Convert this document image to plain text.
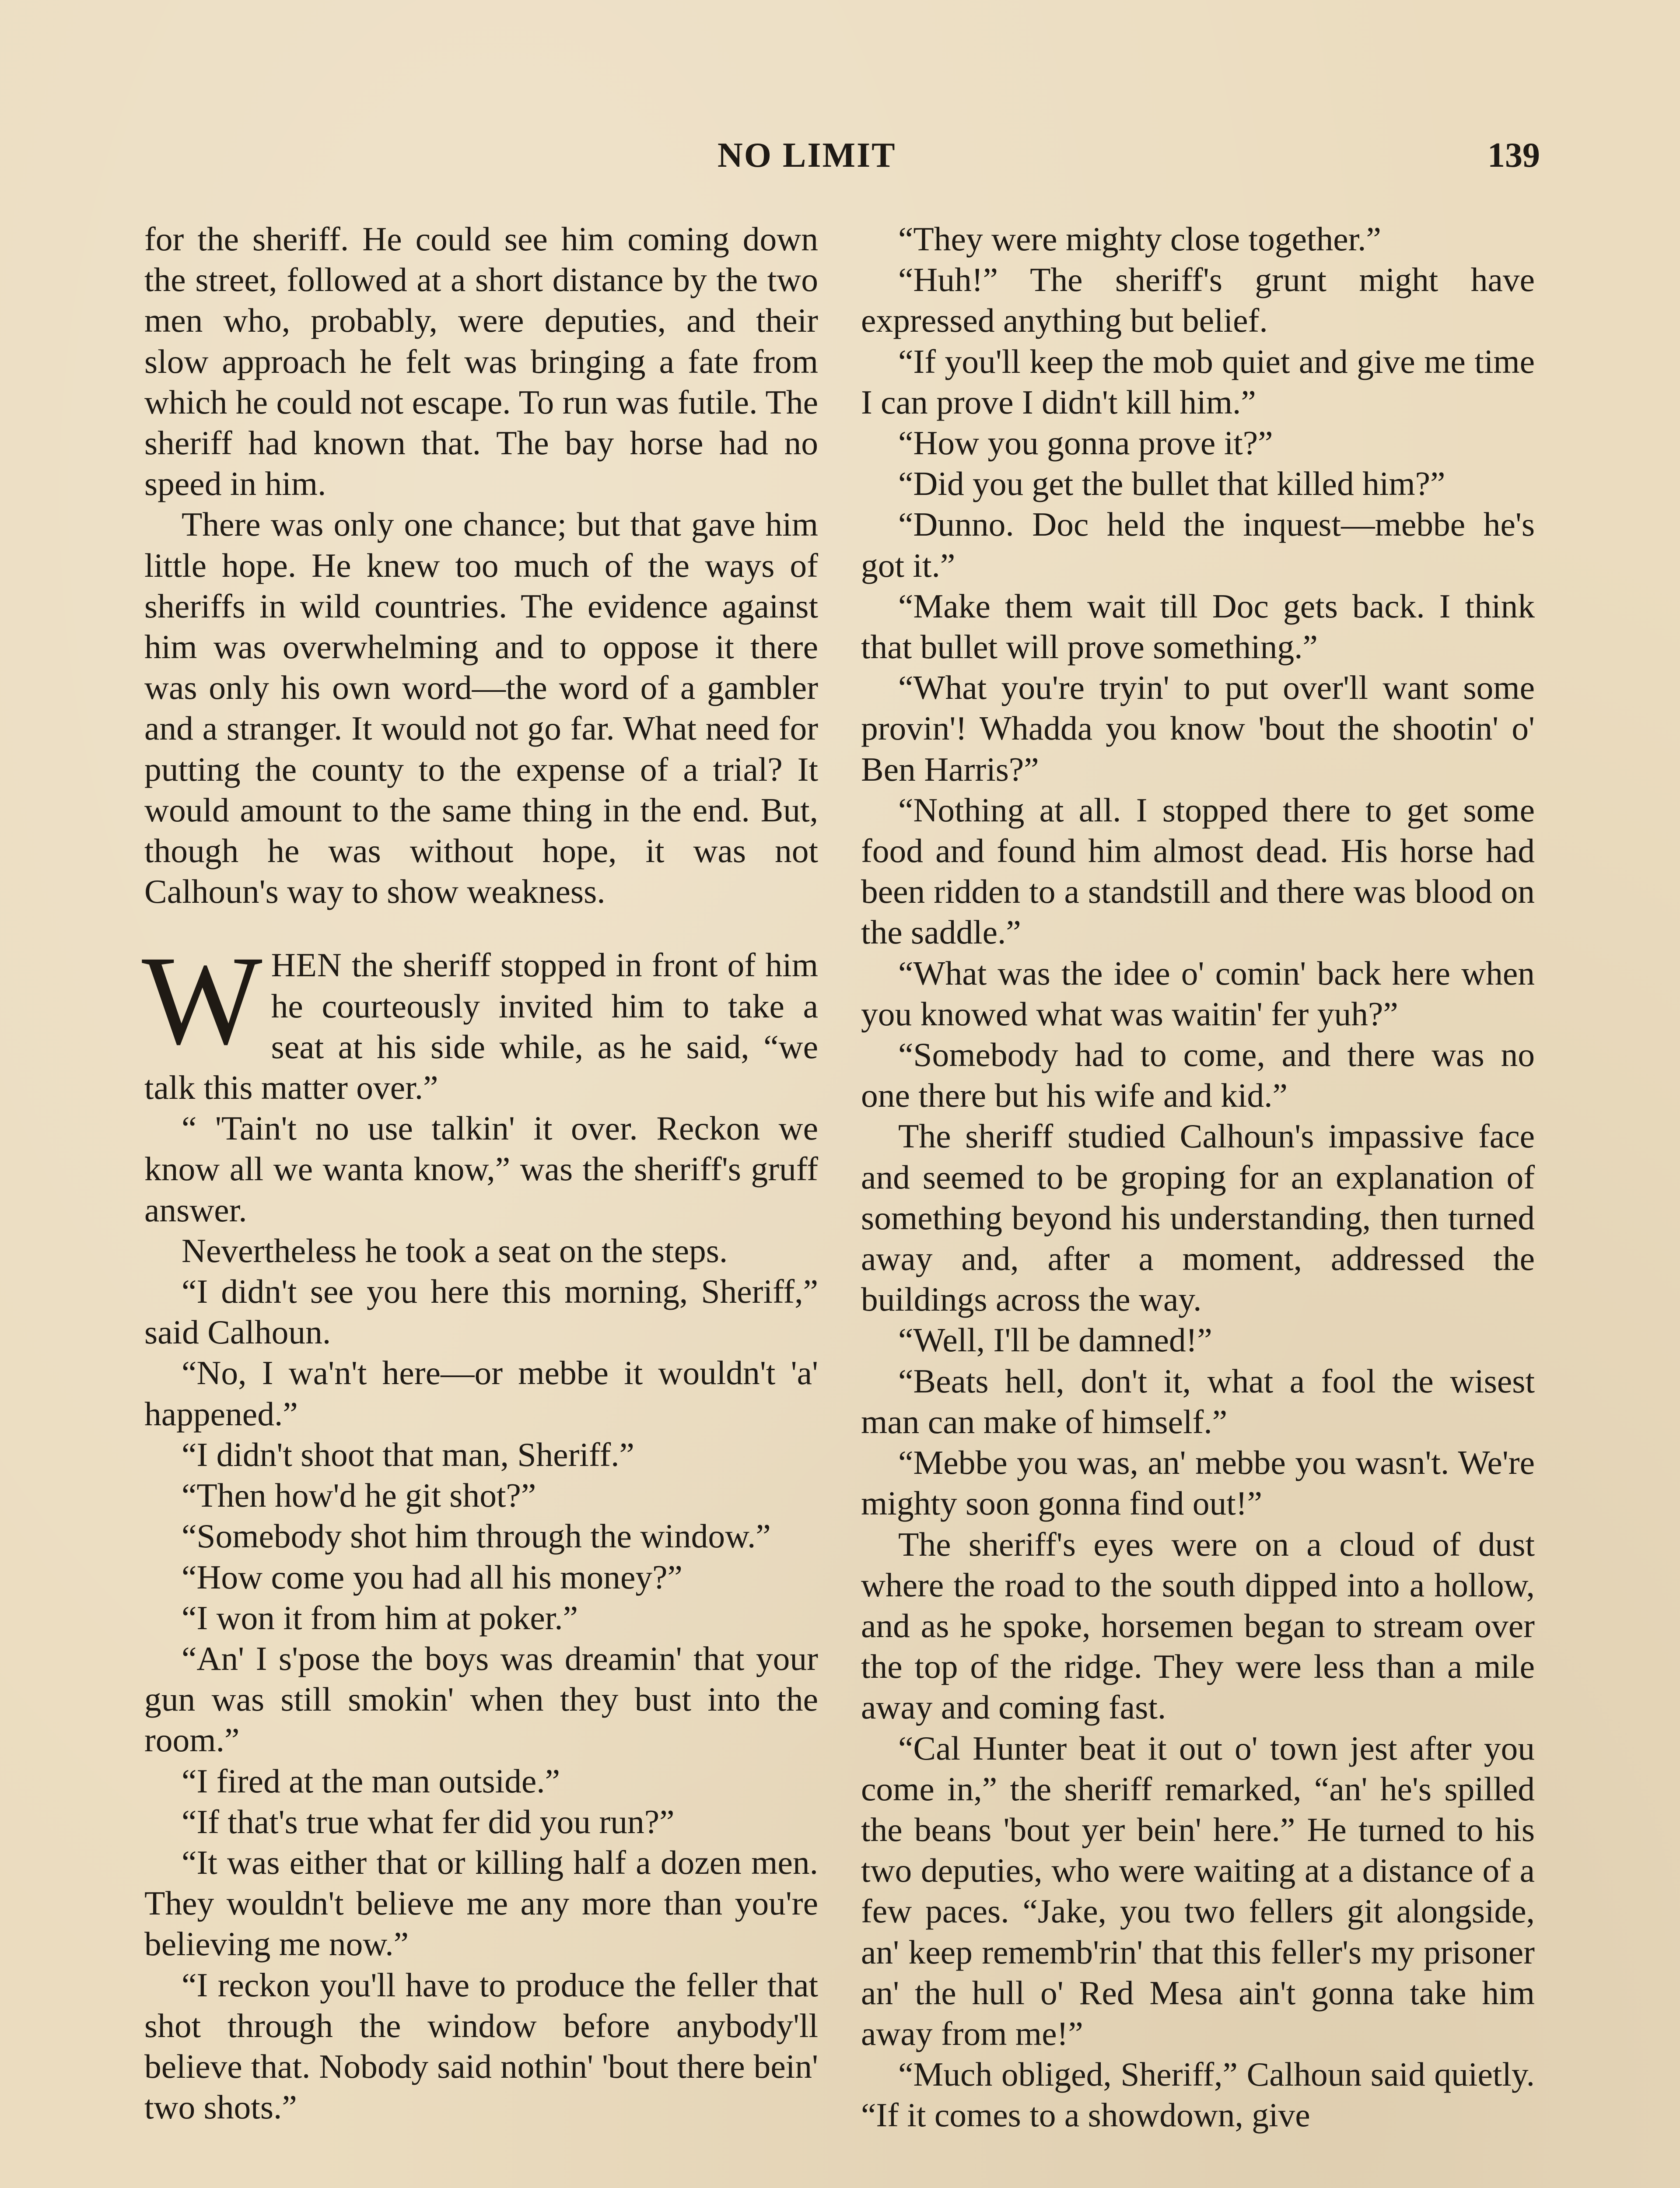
NO LIMIT	139

for the sheriff. He could see him coming down the street, followed at a short distance by the two men who, probably, were deputies, and their slow approach he felt was bringing a fate from which he could not escape. To run was futile. The sheriff had known that. The bay horse had no speed in him.

There was only one chance; but that gave him little hope. He knew too much of the ways of sheriffs in wild countries. The evidence against him was overwhelming and to oppose it there was only his own word—the word of a gambler and a stranger. It would not go far. What need for putting the county to the expense of a trial? It would amount to the same thing in the end. But, though he was without hope, it was not Calhoun's way to show weakness.

WHEN the sheriff stopped in front of him he courteously invited him to take a seat at his side while, as he said, “we talk this matter over.”

“ 'Tain't no use talkin' it over. Reckon we know all we wanta know,” was the sheriff's gruff answer.

Nevertheless he took a seat on the steps.

“I didn't see you here this morning, Sheriff,” said Calhoun.

“No, I wa'n't here—or mebbe it wouldn't 'a' happened.”

“I didn't shoot that man, Sheriff.”

“Then how'd he git shot?”

“Somebody shot him through the window.”

“How come you had all his money?”

“I won it from him at poker.”

“An' I s'pose the boys was dreamin' that your gun was still smokin' when they bust into the room.”

“I fired at the man outside.”

“If that's true what fer did you run?”

“It was either that or killing half a dozen men. They wouldn't believe me any more than you're believing me now.”

“I reckon you'll have to produce the feller that shot through the window before anybody'll believe that. Nobody said nothin' 'bout there bein' two shots.”

“They were mighty close together.”

“Huh!” The sheriff's grunt might have expressed anything but belief.

“If you'll keep the mob quiet and give me time I can prove I didn't kill him.”

“How you gonna prove it?”

“Did you get the bullet that killed him?”

“Dunno. Doc held the inquest—mebbe he's got it.”

“Make them wait till Doc gets back. I think that bullet will prove something.”

“What you're tryin' to put over'll want some provin'! Whadda you know 'bout the shootin' o' Ben Harris?”

“Nothing at all. I stopped there to get some food and found him almost dead. His horse had been ridden to a standstill and there was blood on the saddle.”

“What was the idee o' comin' back here when you knowed what was waitin' fer yuh?”

“Somebody had to come, and there was no one there but his wife and kid.”

The sheriff studied Calhoun's impassive face and seemed to be groping for an explanation of something beyond his understanding, then turned away and, after a moment, addressed the buildings across the way.

“Well, I'll be damned!”

“Beats hell, don't it, what a fool the wisest man can make of himself.”

“Mebbe you was, an' mebbe you wasn't. We're mighty soon gonna find out!”

The sheriff's eyes were on a cloud of dust where the road to the south dipped into a hollow, and as he spoke, horsemen began to stream over the top of the ridge. They were less than a mile away and coming fast.

“Cal Hunter beat it out o' town jest after you come in,” the sheriff remarked, “an' he's spilled the beans 'bout yer bein' here.” He turned to his two deputies, who were waiting at a distance of a few paces. “Jake, you two fellers git alongside, an' keep rememb'rin' that this feller's my prisoner an' the hull o' Red Mesa ain't gonna take him away from me!”

“Much obliged, Sheriff,” Calhoun said quietly. “If it comes to a showdown, give
